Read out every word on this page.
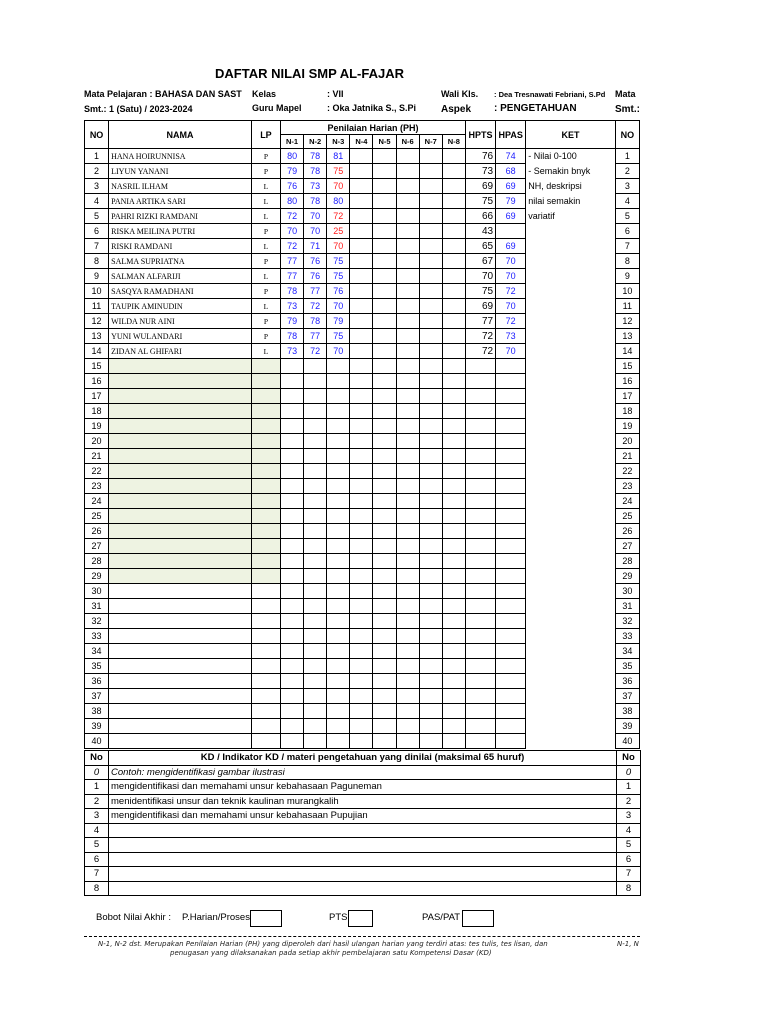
DAFTAR NILAI SMP AL-FAJAR
Mata Pelajaran : BAHASA DAN SAST Kelas	: VII	Wali Kls. : Dea Tresnawati Febriani, S.Pd Mata
Smt.: 1 (Satu) / 2023-2024	Guru Mapel	: Oka Jatnika S., S.Pi Aspek : PENGETAHUAN	Smt.:
NO	NAMA	LP	Penilaian Harian (PH)								HPTS	HPAS	KET	NO
			N-1	N-2	N-3	N-4	N-5	N-6	N-7	N-8				
1	HANA HOIRUNNISA	P	80	78	81						76	74	- Nilai 0-100	1
2	LIYUN YANANI	P	79	78	75						73	68	- Semakin bnyk	2
3	NASRIL ILHAM	L	76	73	70						69	69	NH, deskripsi	3
4	PANIA ARTIKA SARI	L	80	78	80						75	79	nilai semakin	4
5	PAHRI RIZKI RAMDANI	L	72	70	72						66	69	variatif	5
6	RISKA MEILINA PUTRI	P	70	70	25						43			6
7	RISKI RAMDANI	L	72	71	70						65	69		7
8	SALMA SUPRIATNA	P	77	76	75						67	70		8
9	SALMAN ALFARIJI	L	77	76	75						70	70		9
10	SASQYA RAMADHANI	P	78	77	76						75	72		10
11	TAUPIK AMINUDIN	L	73	72	70						69	70		11
12	WILDA NUR AINI	P	79	78	79						77	72		12
13	YUNI WULANDARI	P	78	77	75						72	73		13
14	ZIDAN AL GHIFARI	L	73	72	70						72	70		14
15														15
16														16
17														17
18														18
19														19
20														20
21														21
22														22
23														23
24														24
25														25
26														26
27														27
28														28
29														29
30														30
31														31
32														32
33														33
34														34
35														35
36														36
37														37
38														38
39														39
40														40
No	KD / Indikator KD / materi pengetahuan yang dinilai (maksimal 65 huruf)	No
0	Contoh: mengidentifikasi gambar ilustrasi	0
1	mengidentifikasi dan memahami unsur kebahasaan Paguneman	1
2	menidentifikasi unsur dan teknik kaulinan murangkalih	2
3	mengidentifikasi dan memahami unsur kebahasaan Pupujian	3
4		4
5		5
6		6
7		7
8		8
Bobot Nilai Akhir : P.Harian/Proses	PTS	PAS/PAT
N-1, N-2 dst. Merupakan Penilaian Harian (PH) yang diperoleh dari hasil ulangan harian yang terdiri atas: tes tulis, tes lisan, dan	N-1, N
penugasan yang dilaksanakan pada setiap akhir pembelajaran satu Kompetensi Dasar (KD)
